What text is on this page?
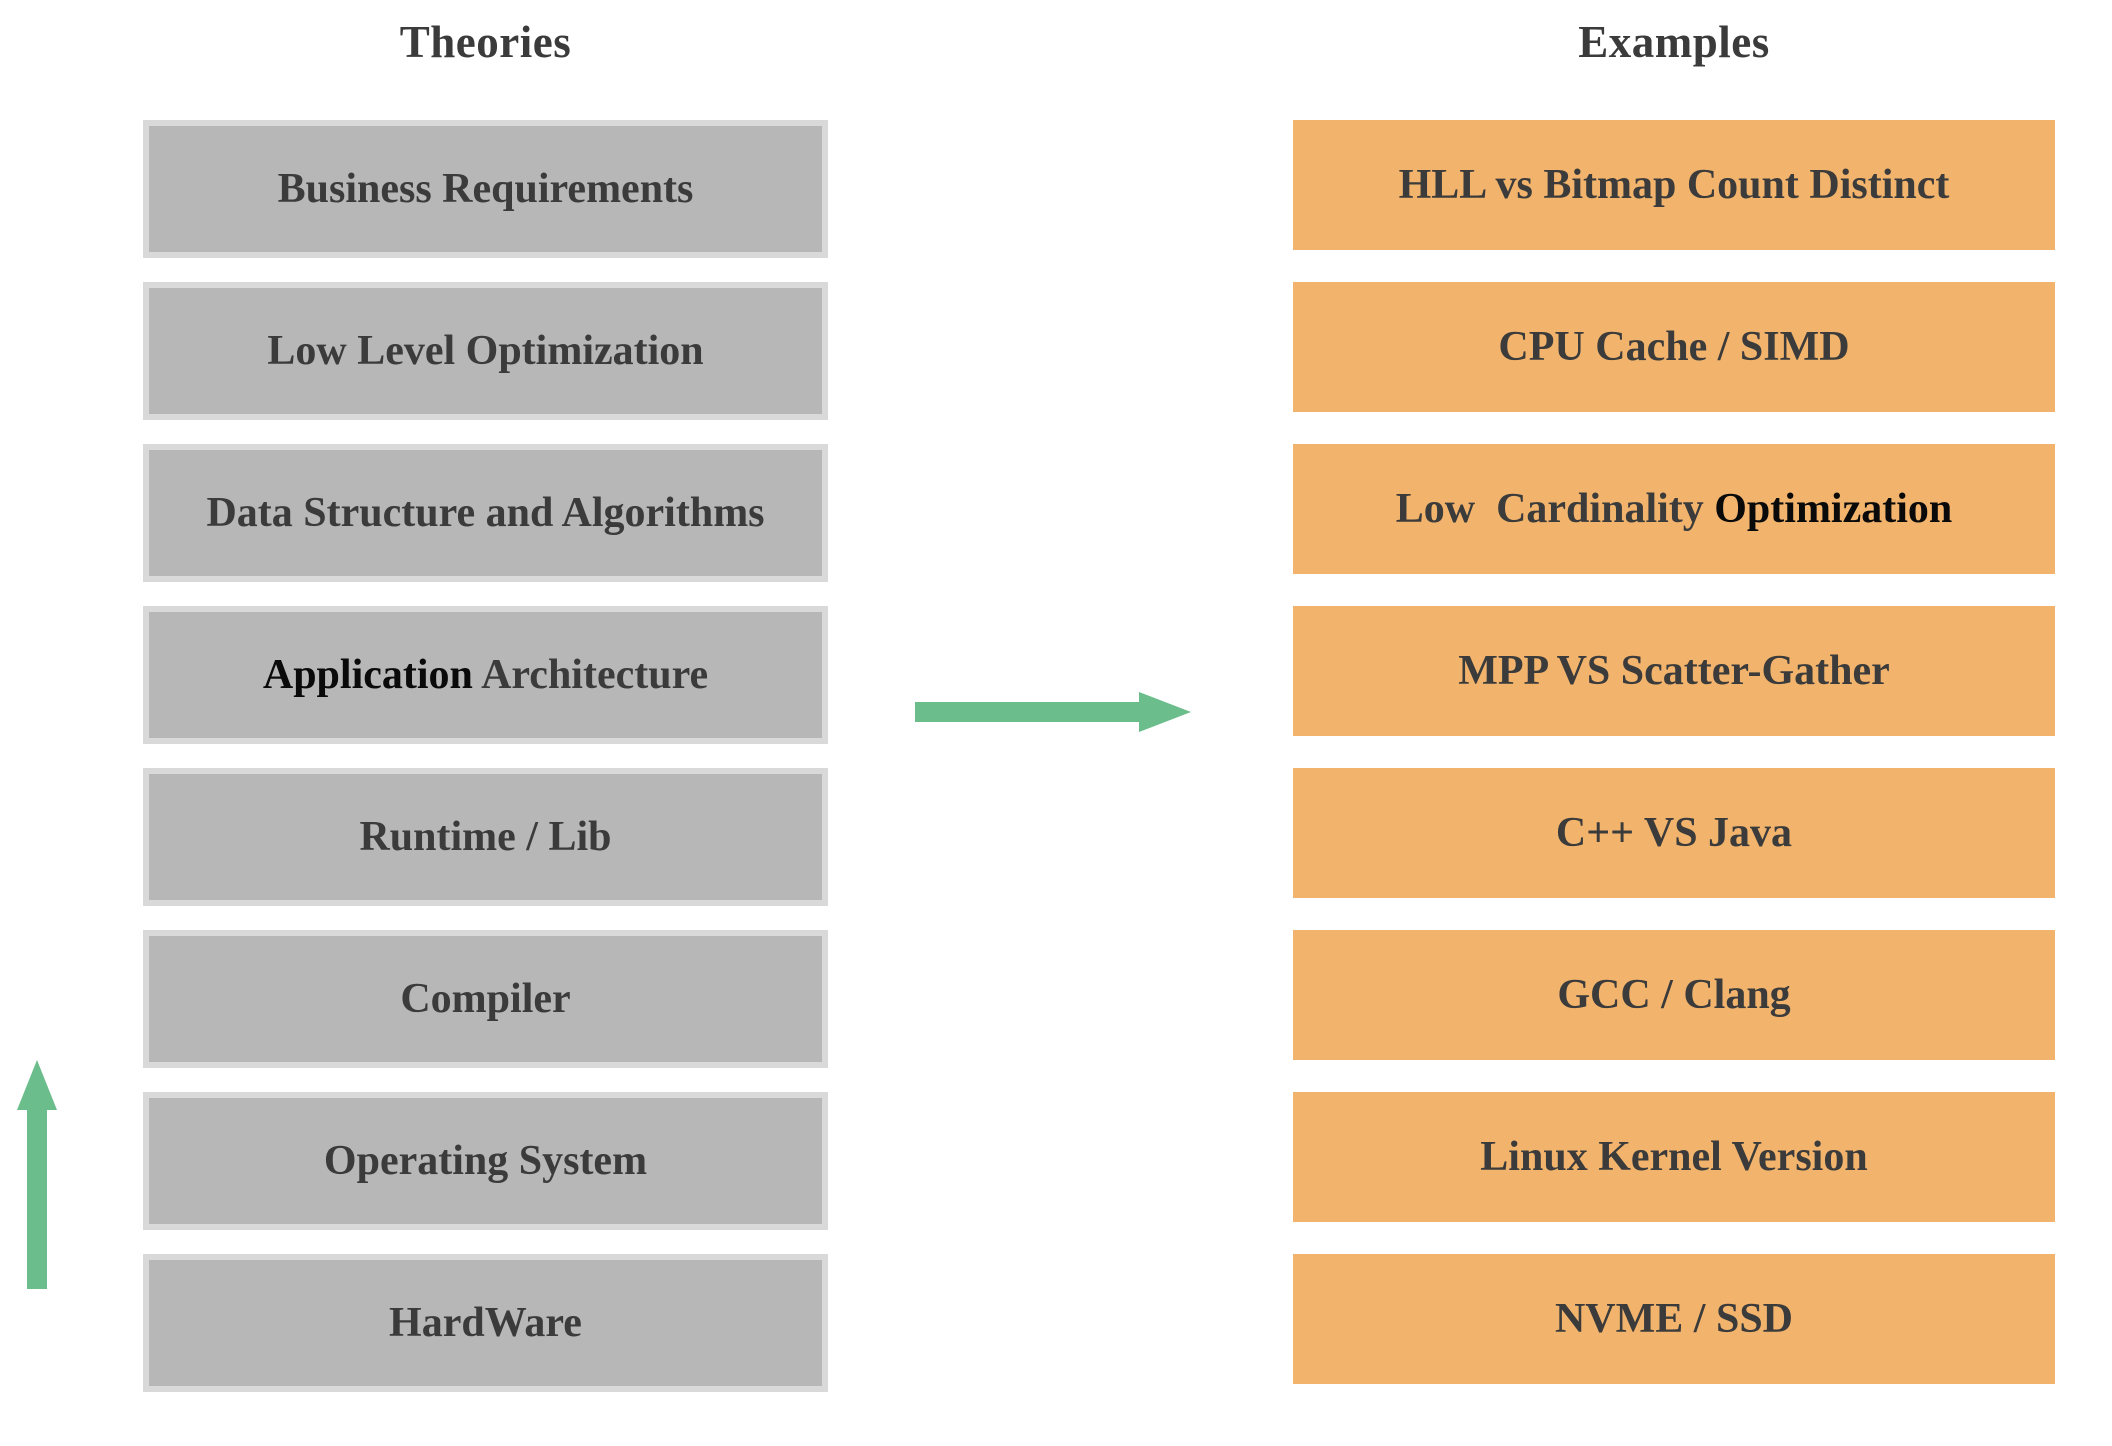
Theories	Examples
Business Requirements
Low Level Optimization
Data Structure and Algorithms
Application Architecture
Runtime / Lib
Compiler
Operating System
HardWare
HLL vs Bitmap Count Distinct
CPU Cache / SIMD
Low  Cardinality Optimization
MPP VS Scatter-Gather
C++ VS Java
GCC / Clang
Linux Kernel Version
NVME / SSD
